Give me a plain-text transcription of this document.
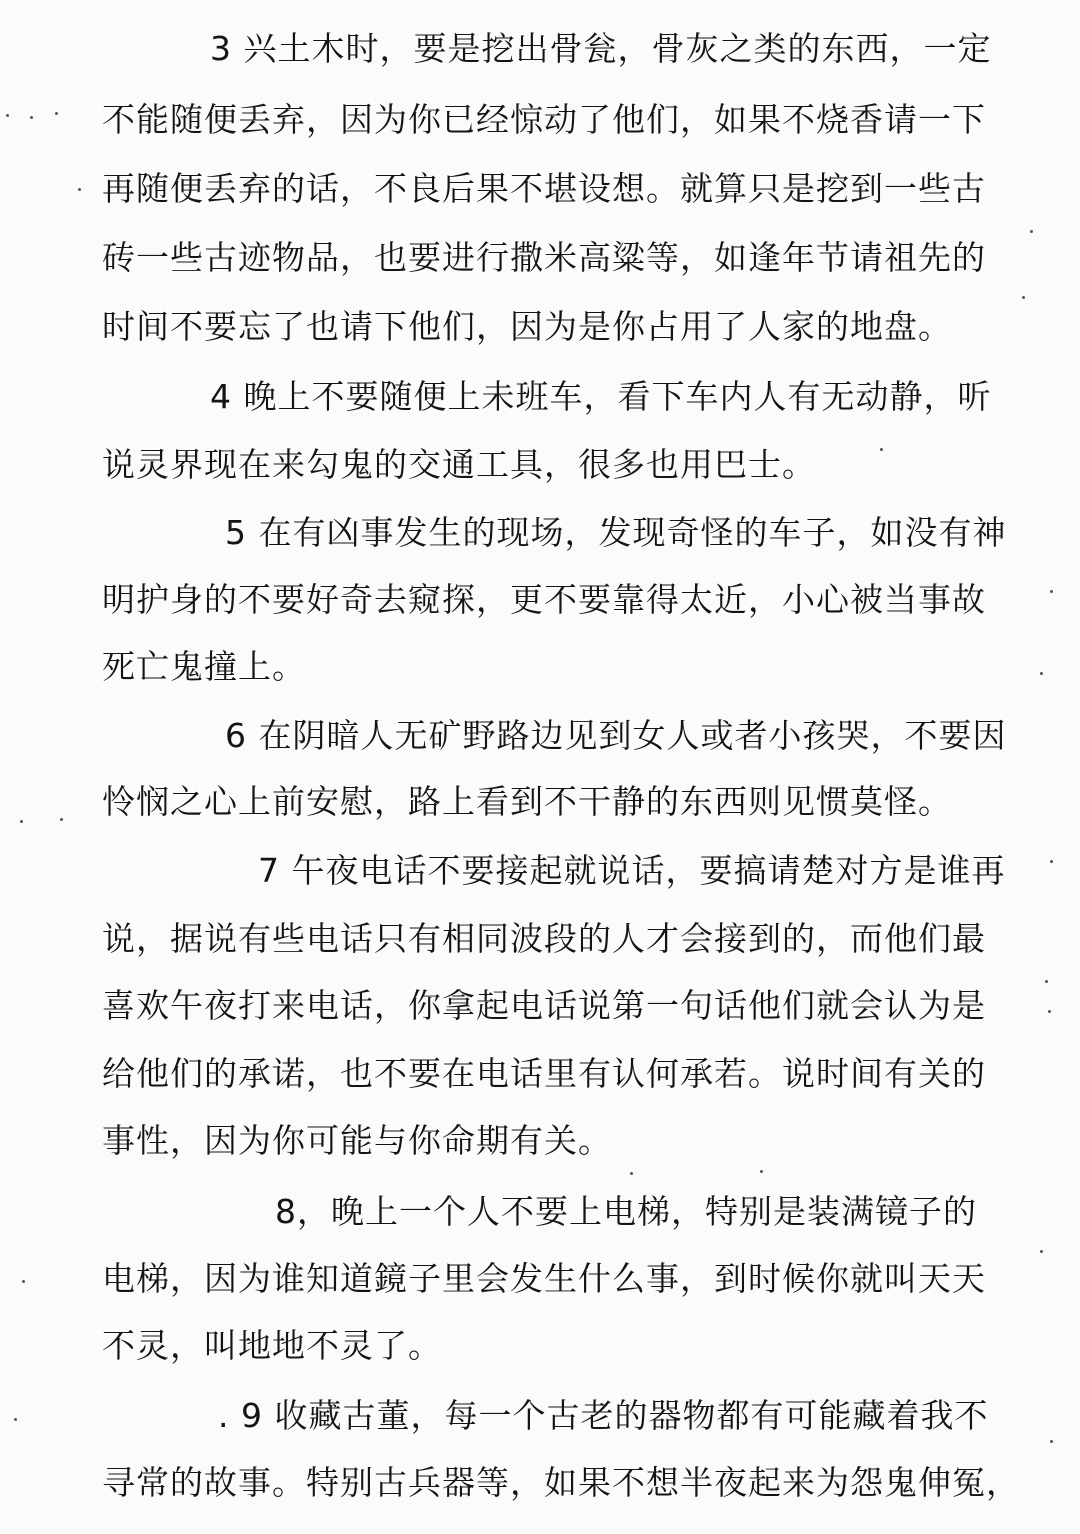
3 兴土木时，要是挖出骨瓮，骨灰之类的东西，一定
不能随便丢弃，因为你已经惊动了他们，如果不烧香请一下
再随便丢弃的话，不良后果不堪设想。就算只是挖到一些古
砖一些古迹物品，也要进行撒米高粱等，如逢年节请祖先的
时间不要忘了也请下他们，因为是你占用了人家的地盘。
4 晚上不要随便上未班车，看下车内人有无动静，听
说灵界现在来勾鬼的交通工具，很多也用巴士。
5 在有凶事发生的现场，发现奇怪的车子，如没有神
明护身的不要好奇去窥探，更不要靠得太近，小心被当事故
死亡鬼撞上。
6 在阴暗人无矿野路边见到女人或者小孩哭，不要因
怜悯之心上前安慰，路上看到不干静的东西则见惯莫怪。
7 午夜电话不要接起就说话，要搞请楚对方是谁再
说，据说有些电话只有相同波段的人才会接到的，而他们最
喜欢午夜打来电话，你拿起电话说第一句话他们就会认为是
给他们的承诺，也不要在电话里有认何承若。说时间有关的
事性，因为你可能与你命期有关。
8，晚上一个人不要上电梯，特别是装满镜子的
电梯，因为谁知道鏡子里会发生什么事，到时候你就叫天天
不灵，叫地地不灵了。
. 9 收藏古董，每一个古老的器物都有可能藏着我不
寻常的故事。特别古兵器等，如果不想半夜起来为怨鬼伸冤，
